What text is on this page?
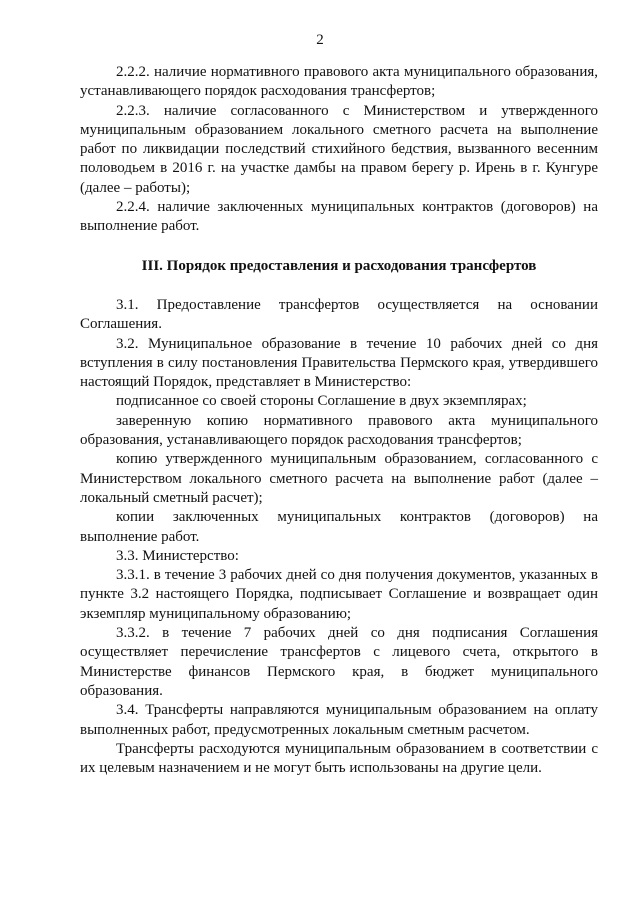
2

2.2.2. наличие нормативного правового акта муниципального образования, устанавливающего порядок расходования трансфертов;

2.2.3. наличие согласованного с Министерством и утвержденного муниципальным образованием локального сметного расчета на выполнение работ по ликвидации последствий стихийного бедствия, вызванного весенним половодьем в 2016 г. на участке дамбы на правом берегу р. Ирень в г. Кунгуре (далее – работы);

2.2.4. наличие заключенных муниципальных контрактов (договоров) на выполнение работ.

III. Порядок предоставления и расходования трансфертов

3.1. Предоставление трансфертов осуществляется на основании Соглашения.

3.2. Муниципальное образование в течение 10 рабочих дней со дня вступления в силу постановления Правительства Пермского края, утвердившего настоящий Порядок, представляет в Министерство:

подписанное со своей стороны Соглашение в двух экземплярах;

заверенную копию нормативного правового акта муниципального образования, устанавливающего порядок расходования трансфертов;

копию утвержденного муниципальным образованием, согласованного с Министерством локального сметного расчета на выполнение работ (далее – локальный сметный расчет);

копии заключенных муниципальных контрактов (договоров) на выполнение работ.

3.3. Министерство:

3.3.1. в течение 3 рабочих дней со дня получения документов, указанных в пункте 3.2 настоящего Порядка, подписывает Соглашение и возвращает один экземпляр муниципальному образованию;

3.3.2. в течение 7 рабочих дней со дня подписания Соглашения осуществляет перечисление трансфертов с лицевого счета, открытого в Министерстве финансов Пермского края, в бюджет муниципального образования.

3.4. Трансферты направляются муниципальным образованием на оплату выполненных работ, предусмотренных локальным сметным расчетом.

Трансферты расходуются муниципальным образованием в соответствии с их целевым назначением и не могут быть использованы на другие цели.
